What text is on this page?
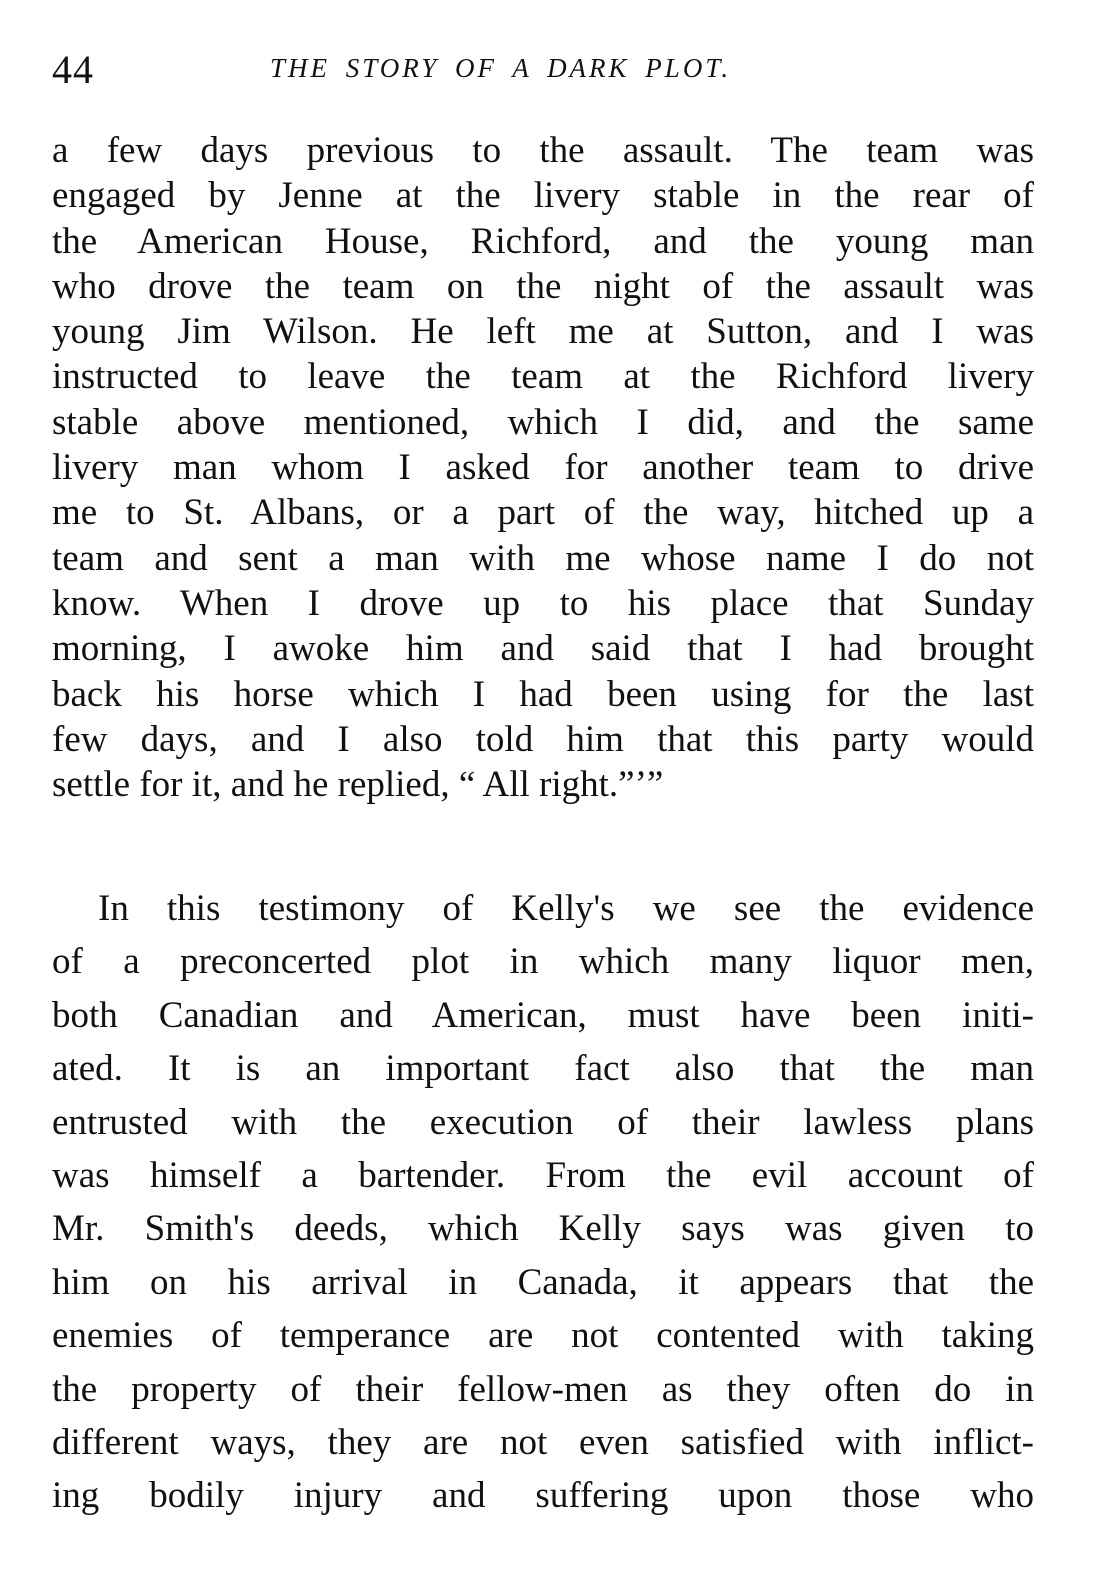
44	THE STORY OF A DARK PLOT.
a few days previous to the assault. The team was
engaged by Jenne at the livery stable in the rear of
the American House, Richford, and the young man
who drove the team on the night of the assault was
young Jim Wilson. He left me at Sutton, and I was
instructed to leave the team at the Richford livery
stable above mentioned, which I did, and the same
livery man whom I asked for another team to drive
me to St. Albans, or a part of the way, hitched up a
team and sent a man with me whose name I do not
know. When I drove up to his place that Sunday
morning, I awoke him and said that I had brought
back his horse which I had been using for the last
few days, and I also told him that this party would
settle for it, and he replied, “ All right.”’”
In this testimony of Kelly's we see the evidence
of a preconcerted plot in which many liquor men,
both Canadian and American, must have been initi-
ated. It is an important fact also that the man
entrusted with the execution of their lawless plans
was himself a bartender. From the evil account of
Mr. Smith's deeds, which Kelly says was given to
him on his arrival in Canada, it appears that the
enemies of temperance are not contented with taking
the property of their fellow-men as they often do in
different ways, they are not even satisfied with inflict-
ing bodily injury and suffering upon those who
